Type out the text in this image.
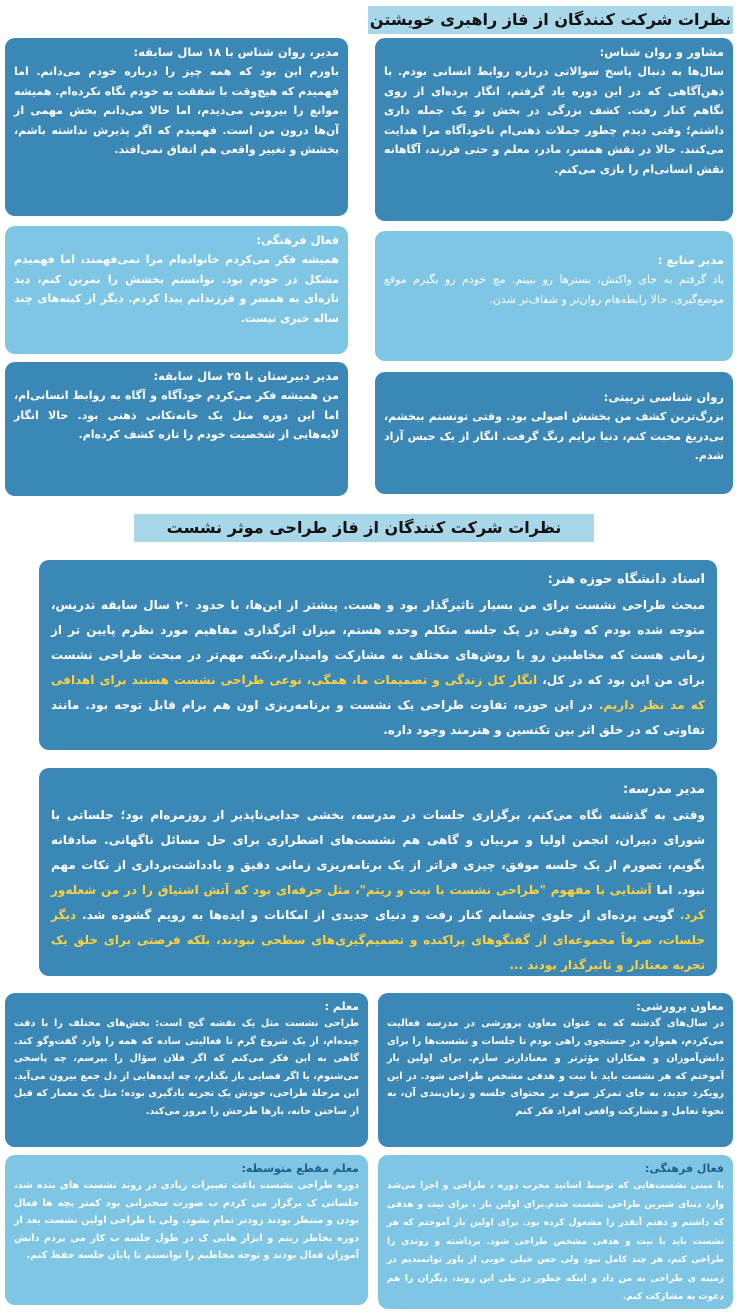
نظرات شرکت کنندگان از فاز راهبری خویشتن
مشاور و روان شناس:
سال‌ها به دنبال پاسخ سوالاتی درباره روابط انسانی بودم. با ذهن‌آگاهی که در این دوره یاد گرفتم، انگار پرده‌ای از روی نگاهم کنار رفت. کشف بزرگی در بخش تو یک جمله داری داشتم؛ وقتی دیدم چطور جملات ذهنی‌ام ناخودآگاه مرا هدایت می‌کنند. حالا در نقش همسر، مادر، معلم و حتی فرزند، آگاهانه نقش انسانی‌ام را بازی می‌کنم.
مدیر، روان شناس با ۱۸ سال سابقه:
باورم این بود که همه چیز را درباره خودم می‌دانم. اما فهمیدم که هیچ‌وقت با شفقت به خودم نگاه نکرده‌ام. همیشه موانع را بیرونی می‌دیدم، اما حالا می‌دانم بخش مهمی از آن‌ها درون من است. فهمیدم که اگر پذیرش نداشته باشم، بخشش و تغییر واقعی هم اتفاق نمی‌افتد.
مدیر منابع :
یاد گرفتم به جای واکنش، بسترها رو ببینم. مچ خودم رو بگیرم موقع موضع‌گیری. حالا رابطه‌هام روان‌تر و شفاف‌تر شدن.
فعال فرهنگی:
همیشه فکر می‌کردم خانواده‌ام مرا نمی‌فهمند، اما فهمیدم مشکل در خودم بود. توانستم بخشش را تمرین کنم، دید تازه‌ای به همسر و فرزندانم پیدا کردم. دیگر از کینه‌های چند ساله خبری نیست.
روان شناسی تربیتی:
بزرگ‌ترین کشف من بخشش اصولی بود. وقتی تونستم ببخشم، بی‌دریغ محبت کنم، دنیا برایم رنگ گرفت. انگار از یک حبس آزاد شدم.
مدیر دبیرستان با ۲۵ سال سابقه:
من همیشه فکر می‌کردم خودآگاه و آگاه به روابط انسانی‌ام، اما این دوره مثل یک خانه‌تکانی ذهنی بود. حالا انگار لایه‌هایی از شخصیت خودم را تازه کشف کرده‌ام.
نظرات شرکت کنندگان از فاز طراحی موثر نشست
استاد دانشگاه حوزه هنر:
مبحث طراحی نشست برای من بسیار تاثیرگذار بود و هست. پیشتر از این‌ها، با حدود ۲۰ سال سابقه تدریس، متوجه شده بودم که وقتی در یک جلسه متکلم وحده هستم، میزان اثرگذاری مفاهیم مورد نظرم پایین تر از زمانی هست که مخاطبین رو با روش‌های مختلف به مشارکت وامیدارم.نکته مهم‌تر در مبحث طراحی نشست برای من این بود که در کل، انگار کل زندگی و تصمیمات ما، همگی، نوعی طراحی نشست هستند برای اهدافی که مد نظر داریم. در این حوزه، تفاوت طراحی یک نشست و برنامه‌ریزی اون هم برام قابل توجه بود. مانند تفاوتی که در خلق اثر بین تکنسین و هنرمند وجود داره.
مدیر مدرسه:
وقتی به گذشته نگاه می‌کنم، برگزاری جلسات در مدرسه، بخشی جدایی‌ناپذیر از روزمره‌ام بود؛ جلساتی با شورای دبیران، انجمن اولیا و مربیان و گاهی هم نشست‌های اضطراری برای حل مسائل ناگهانی. صادقانه بگویم، تصورم از یک جلسه موفق، چیزی فراتر از یک برنامه‌ریزی زمانی دقیق و یادداشت‌برداری از نکات مهم نبود. اما آشنایی با مفهوم "طراحی نشست با نیت و ریتم"، مثل جرقه‌ای بود که آتش اشتیاق را در من شعله‌ور کرد. گویی پرده‌ای از جلوی چشمانم کنار رفت و دنیای جدیدی از امکانات و ایده‌ها به رویم گشوده شد. دیگر جلسات، صرفاً مجموعه‌ای از گفتگوهای پراکنده و تصمیم‌گیری‌های سطحی نبودند، بلکه فرصتی برای خلق یک تجربه معنادار و تاثیرگذار بودند ...
معاون پرورشی:
در سال‌های گذشته که به عنوان معاون پرورشی در مدرسه فعالیت می‌کردم، همواره در جستجوی راهی بودم تا جلسات و نشست‌ها را برای دانش‌آموزان و همکاران مؤثرتر و معنادارتر سازم. برای اولین بار آموختم که هر نشست باید با نیت و هدفی مشخص طراحی شود. در این رویکرد جدید، به جای تمرکز صرف بر محتوای جلسه و زمان‌بندی آن، به نحوهٔ تعامل و مشارکت واقعی افراد فکر کنم
معلم :
طراحی نشست مثل یک نقشه گنج است: بخش‌های مختلف را با دقت چیده‌ام، از یک شروع گرم تا فعالیتی ساده که همه را وارد گفت‌وگو کند. گاهی به این فکر می‌کنم که اگر فلان سؤال را بپرسم، چه پاسخی می‌شنوم، یا اگر فضایی باز بگذارم، چه ایده‌هایی از دل جمع بیرون می‌آید. این مرحلهٔ طراحی، خودش یک تجربه یادگیری بوده؛ مثل یک معمار که قبل از ساختن خانه، بارها طرحش را مرور می‌کند.
فعال فرهنگی:
با مبنی نشست‌هایی که توسط اساتید مجرب دوره ، طراحی و اجرا می‌شد وارد دنیای شیرین طراحی نشست شدم.برای اولین بار ، برای نیت و هدفی که داشتم و ذهنم آنقدر را مشغول کرده بود. برای اولین بار آموختم که هر نشست باید با نیت و هدفی مشخص طراحی شود. برداشته و روندی را طراحی کنم، هر چند کامل نبود ولی حس خیلی خوبی از باور توانمندیم در زمینه ی طراحی به من داد و اینکه چطور در طی این روند، دیگران را هم دعوت به مشارکت کنم.
معلم مقطع متوسطه:
دوره طراحی نشست باعث تغییرات زیادی در روند نشست های بنده شد، جلساتی ک برگزار می کردم ب صورت سخنرانی بود کمتر بچه ها فعال بودن و منتظر بودند زودتر تمام بشود. ولی با طراحی اولین نشست بعد از دوره بخاطر ریتم و ابزار هایی ک در طول جلسه ب کار می بردم دانش آموزان فعال بودند و توجه مخاطبم را توانستم تا پایان جلسه حفظ کنم.
